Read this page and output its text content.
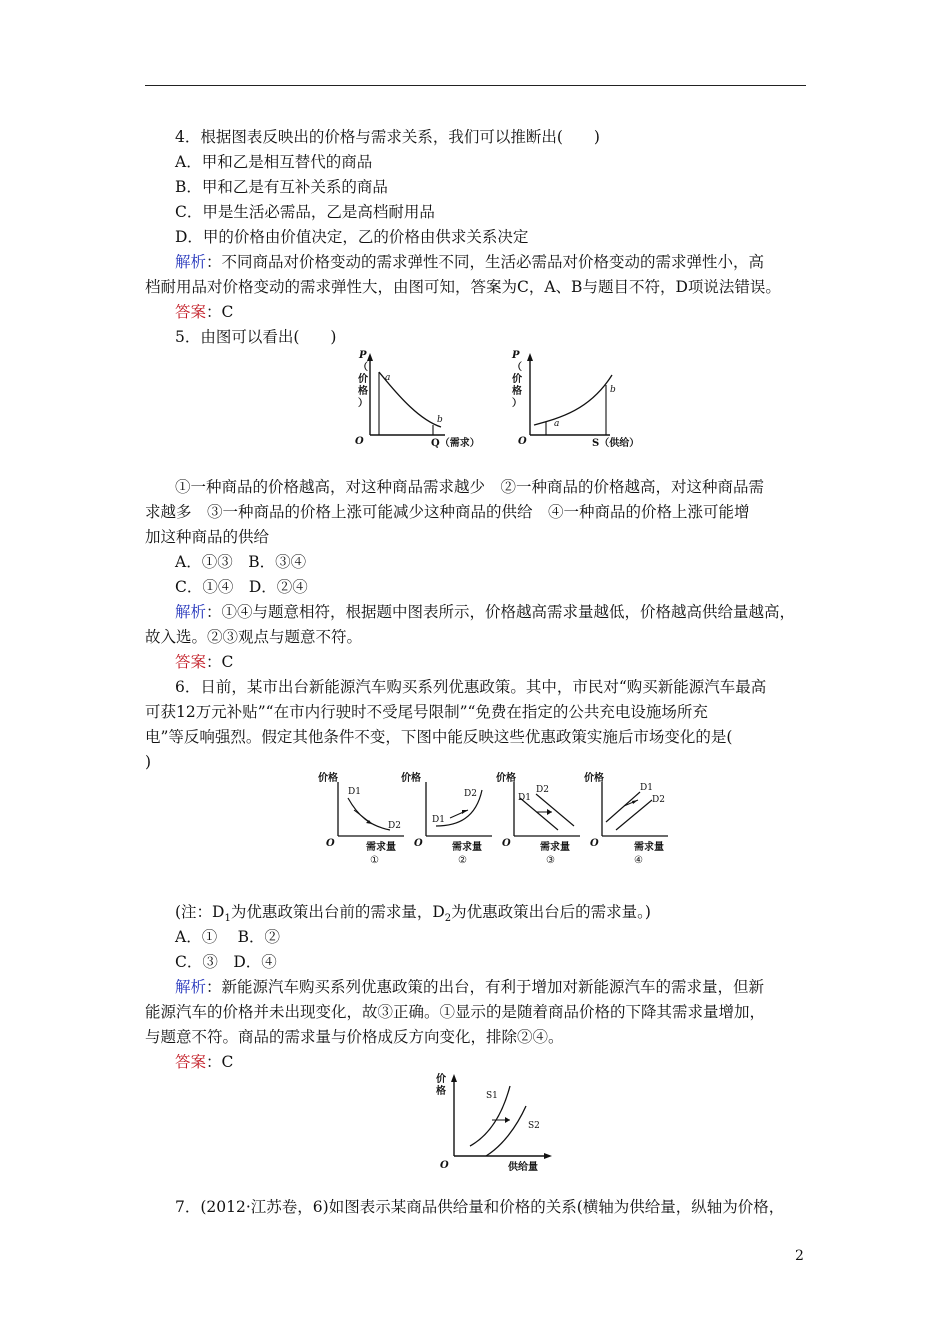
4．根据图表反映出的价格与需求关系，我们可以推断出(　　)
A．甲和乙是相互替代的商品
B．甲和乙是有互补关系的商品
C．甲是生活必需品，乙是高档耐用品
D．甲的价格由价值决定，乙的价格由供求关系决定
解析：不同商品对价格变动的需求弹性不同，生活必需品对价格变动的需求弹性小，高
档耐用品对价格变动的需求弹性大，由图可知，答案为C，A、B与题目不符，D项说法错误。
答案：C
5．由图可以看出(　　)
P
（
价
格
）
O
a
b
Q（需求）
P
（
价
格
）
O
a
b
S（供给）
①一种商品的价格越高，对这种商品需求越少　②一种商品的价格越高，对这种商品需
求越多　③一种商品的价格上涨可能减少这种商品的供给　④一种商品的价格上涨可能增
加这种商品的供给
A．①③　B．③④
C．①④　D．②④
解析：①④与题意相符，根据题中图表所示，价格越高需求量越低，价格越高供给量越高，
故入选。②③观点与题意不符。
答案：C
6．日前，某市出台新能源汽车购买系列优惠政策。其中，市民对“购买新能源汽车最高
可获12万元补贴”“在市内行驶时不受尾号限制”“免费在指定的公共充电设施场所充
电”等反响强烈。假定其他条件不变，下图中能反映这些优惠政策实施后市场变化的是(
)
价格
O	需求量
①
D1
D2
价格
O	需求量
②
D1
D2
价格
O	需求量
③
D1
D2
价格
O	需求量
④
D1
D2
(注：$D_1$为优惠政策出台前的需求量，$D_2$为优惠政策出台后的需求量。)
A．①　 B．②
C．③　D．④
解析：新能源汽车购买系列优惠政策的出台，有利于增加对新能源汽车的需求量，但新
能源汽车的价格并未出现变化，故③正确。①显示的是随着商品价格的下降其需求量增加，
与题意不符。商品的需求量与价格成反方向变化，排除②④。
答案：C
价
格
O	供给量
S1
S2
7．(2012·江苏卷，6)如图表示某商品供给量和价格的关系(横轴为供给量，纵轴为价格，
2
